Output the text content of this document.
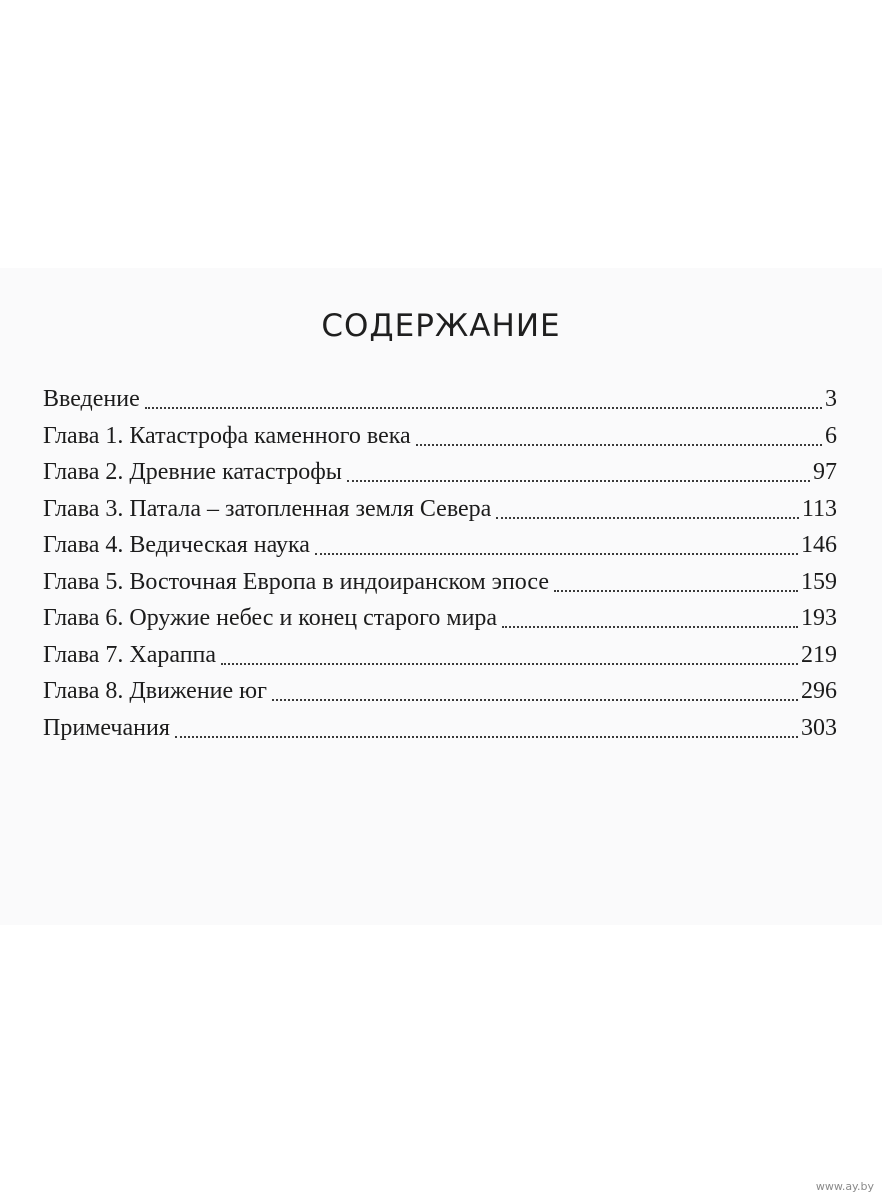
СОДЕРЖАНИЕ
Введение	3
Глава 1. Катастрофа каменного века	6
Глава 2. Древние катастрофы	97
Глава 3. Патала – затопленная земля Севера	113
Глава 4. Ведическая наука	146
Глава 5. Восточная Европа в индоиранском эпосе	159
Глава 6. Оружие небес и конец старого мира	193
Глава 7. Хараппа	219
Глава 8. Движение юг	296
Примечания	303
www.ay.by
